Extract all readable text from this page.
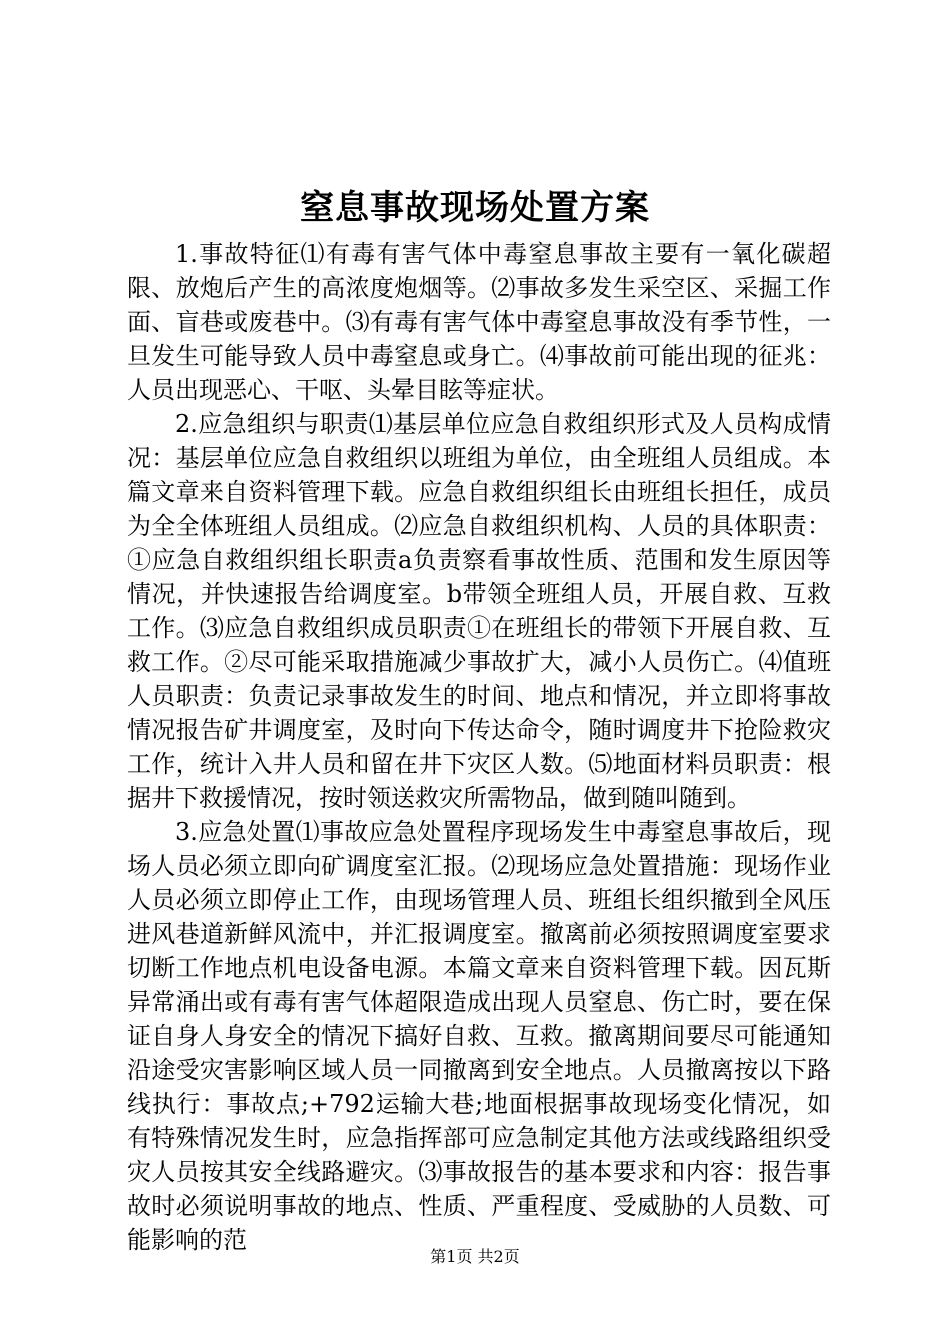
窒息事故现场处置方案

1.事故特征⑴有毒有害气体中毒窒息事故主要有一氧化碳超限、放炮后产生的高浓度炮烟等。⑵事故多发生采空区、采掘工作面、盲巷或废巷中。⑶有毒有害气体中毒窒息事故没有季节性，一旦发生可能导致人员中毒窒息或身亡。⑷事故前可能出现的征兆：人员出现恶心、干呕、头晕目眩等症状。

2.应急组织与职责⑴基层单位应急自救组织形式及人员构成情况：基层单位应急自救组织以班组为单位，由全班组人员组成。本篇文章来自资料管理下载。应急自救组织组长由班组长担任，成员为全全体班组人员组成。⑵应急自救组织机构、人员的具体职责：①应急自救组织组长职责a负责察看事故性质、范围和发生原因等情况，并快速报告给调度室。b带领全班组人员，开展自救、互救工作。⑶应急自救组织成员职责①在班组长的带领下开展自救、互救工作。②尽可能采取措施减少事故扩大，减小人员伤亡。⑷值班人员职责：负责记录事故发生的时间、地点和情况，并立即将事故情况报告矿井调度室，及时向下传达命令，随时调度井下抢险救灾工作，统计入井人员和留在井下灾区人数。⑸地面材料员职责：根据井下救援情况，按时领送救灾所需物品，做到随叫随到。

3.应急处置⑴事故应急处置程序现场发生中毒窒息事故后，现场人员必须立即向矿调度室汇报。⑵现场应急处置措施：现场作业人员必须立即停止工作，由现场管理人员、班组长组织撤到全风压进风巷道新鲜风流中，并汇报调度室。撤离前必须按照调度室要求切断工作地点机电设备电源。本篇文章来自资料管理下载。因瓦斯异常涌出或有毒有害气体超限造成出现人员窒息、伤亡时，要在保证自身人身安全的情况下搞好自救、互救。撤离期间要尽可能通知沿途受灾害影响区域人员一同撤离到安全地点。人员撤离按以下路线执行：事故点;+792运输大巷;地面根据事故现场变化情况，如有特殊情况发生时，应急指挥部可应急制定其他方法或线路组织受灾人员按其安全线路避灾。⑶事故报告的基本要求和内容：报告事故时必须说明事故的地点、性质、严重程度、受威胁的人员数、可能影响的范

第1页 共2页
